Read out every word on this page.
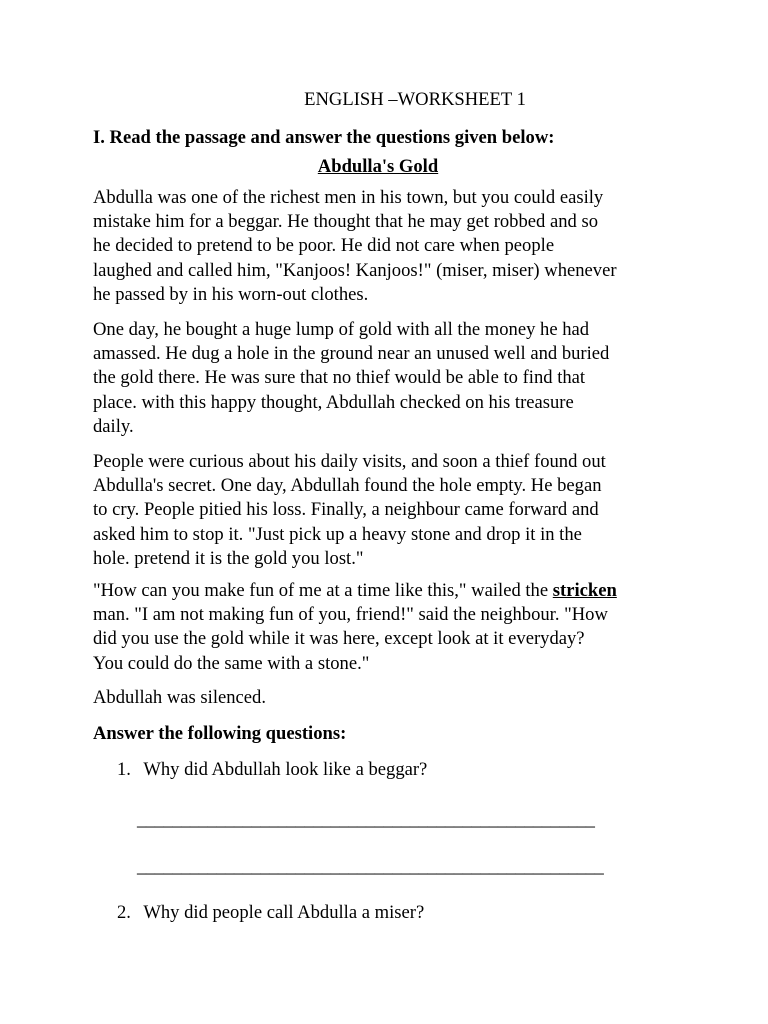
ENGLISH –WORKSHEET 1
I. Read the passage and answer the questions given below:
Abdulla's Gold

Abdulla was one of the richest men in his town, but you could easily
mistake him for a beggar. He thought that he may get robbed and so
he decided to pretend to be poor. He did not care when people
laughed and called him, "Kanjoos! Kanjoos!" (miser, miser) whenever
he passed by in his worn-out clothes.

One day, he bought a huge lump of gold with all the money he had
amassed. He dug a hole in the ground near an unused well and buried
the gold there. He was sure that no thief would be able to find that
place. with this happy thought, Abdullah checked on his treasure
daily.

People were curious about his daily visits, and soon a thief found out
Abdulla's secret. One day, Abdullah found the hole empty. He began
to cry. People pitied his loss. Finally, a neighbour came forward and
asked him to stop it. "Just pick up a heavy stone and drop it in the
hole. pretend it is the gold you lost."

"How can you make fun of me at a time like this," wailed the stricken
man. "I am not making fun of you, friend!" said the neighbour. "How
did you use the gold while it was here, except look at it everyday?
You could do the same with a stone."

Abdullah was silenced.

Answer the following questions:
1. Why did Abdullah look like a beggar?
____________________________________________________
_____________________________________________________
2. Why did people call Abdulla a miser?
